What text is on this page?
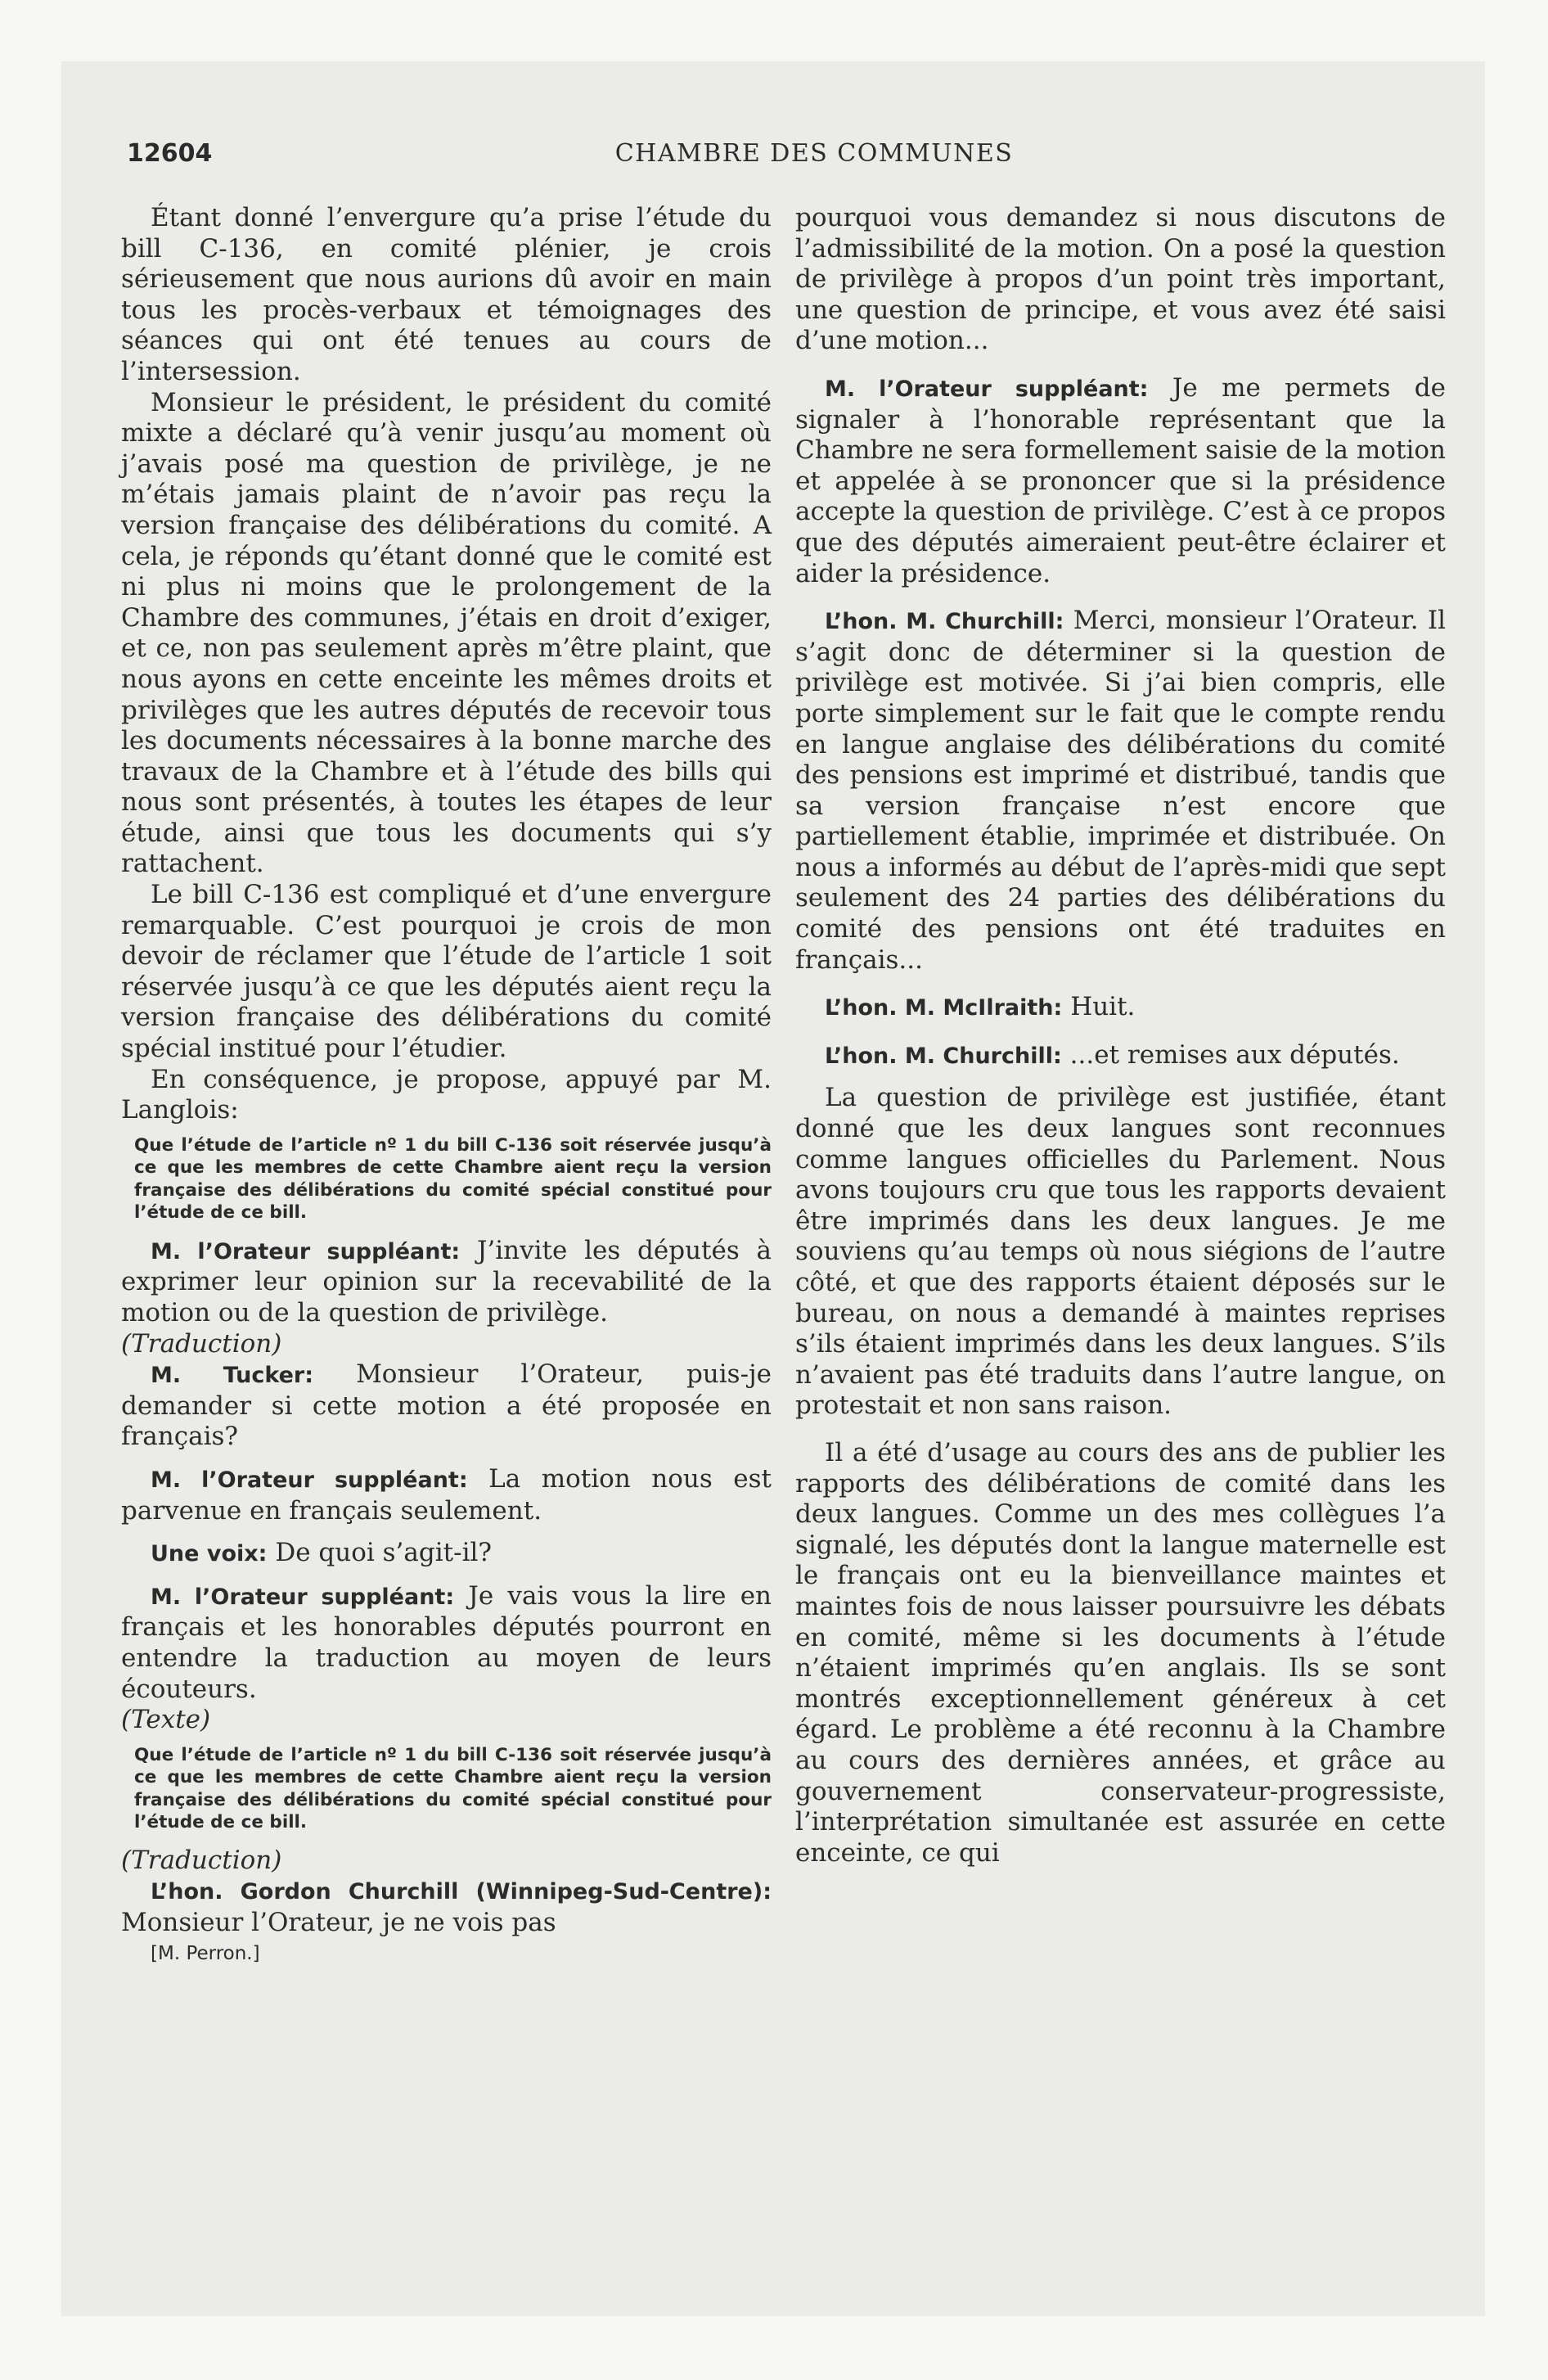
12604	CHAMBRE DES COMMUNES

Étant donné l’envergure qu’a prise l’étude du bill C-136, en comité plénier, je crois sérieusement que nous aurions dû avoir en main tous les procès-verbaux et témoignages des séances qui ont été tenues au cours de l’intersession.

Monsieur le président, le président du comité mixte a déclaré qu’à venir jusqu’au moment où j’avais posé ma question de privilège, je ne m’étais jamais plaint de n’avoir pas reçu la version française des délibérations du comité. A cela, je réponds qu’étant donné que le comité est ni plus ni moins que le prolongement de la Chambre des communes, j’étais en droit d’exiger, et ce, non pas seulement après m’être plaint, que nous ayons en cette enceinte les mêmes droits et privilèges que les autres députés de recevoir tous les documents nécessaires à la bonne marche des travaux de la Chambre et à l’étude des bills qui nous sont présentés, à toutes les étapes de leur étude, ainsi que tous les documents qui s’y rattachent.

Le bill C-136 est compliqué et d’une envergure remarquable. C’est pourquoi je crois de mon devoir de réclamer que l’étude de l’article 1 soit réservée jusqu’à ce que les députés aient reçu la version française des délibérations du comité spécial institué pour l’étudier.

En conséquence, je propose, appuyé par M. Langlois:

Que l’étude de l’article nº 1 du bill C-136 soit réservée jusqu’à ce que les membres de cette Chambre aient reçu la version française des délibérations du comité spécial constitué pour l’étude de ce bill.

M. l’Orateur suppléant: J’invite les députés à exprimer leur opinion sur la recevabilité de la motion ou de la question de privilège.

(Traduction)

M. Tucker: Monsieur l’Orateur, puis-je demander si cette motion a été proposée en français?

M. l’Orateur suppléant: La motion nous est parvenue en français seulement.

Une voix: De quoi s’agit-il?

M. l’Orateur suppléant: Je vais vous la lire en français et les honorables députés pourront en entendre la traduction au moyen de leurs écouteurs.

(Texte)

Que l’étude de l’article nº 1 du bill C-136 soit réservée jusqu’à ce que les membres de cette Chambre aient reçu la version française des délibérations du comité spécial constitué pour l’étude de ce bill.

(Traduction)

L’hon. Gordon Churchill (Winnipeg-Sud-Centre): Monsieur l’Orateur, je ne vois pas

[M. Perron.]

pourquoi vous demandez si nous discutons de l’admissibilité de la motion. On a posé la question de privilège à propos d’un point très important, une question de principe, et vous avez été saisi d’une motion...

M. l’Orateur suppléant: Je me permets de signaler à l’honorable représentant que la Chambre ne sera formellement saisie de la motion et appelée à se prononcer que si la présidence accepte la question de privilège. C’est à ce propos que des députés aimeraient peut-être éclairer et aider la présidence.

L’hon. M. Churchill: Merci, monsieur l’Orateur. Il s’agit donc de déterminer si la question de privilège est motivée. Si j’ai bien compris, elle porte simplement sur le fait que le compte rendu en langue anglaise des délibérations du comité des pensions est imprimé et distribué, tandis que sa version française n’est encore que partiellement établie, imprimée et distribuée. On nous a informés au début de l’après-midi que sept seulement des 24 parties des délibérations du comité des pensions ont été traduites en français...

L’hon. M. McIlraith: Huit.

L’hon. M. Churchill: ...et remises aux députés.

La question de privilège est justifiée, étant donné que les deux langues sont reconnues comme langues officielles du Parlement. Nous avons toujours cru que tous les rapports devaient être imprimés dans les deux langues. Je me souviens qu’au temps où nous siégions de l’autre côté, et que des rapports étaient déposés sur le bureau, on nous a demandé à maintes reprises s’ils étaient imprimés dans les deux langues. S’ils n’avaient pas été traduits dans l’autre langue, on protestait et non sans raison.

Il a été d’usage au cours des ans de publier les rapports des délibérations de comité dans les deux langues. Comme un des mes collègues l’a signalé, les députés dont la langue maternelle est le français ont eu la bienveillance maintes et maintes fois de nous laisser poursuivre les débats en comité, même si les documents à l’étude n’étaient imprimés qu’en anglais. Ils se sont montrés exceptionnellement généreux à cet égard. Le problème a été reconnu à la Chambre au cours des dernières années, et grâce au gouvernement conservateur-progressiste, l’interprétation simultanée est assurée en cette enceinte, ce qui
